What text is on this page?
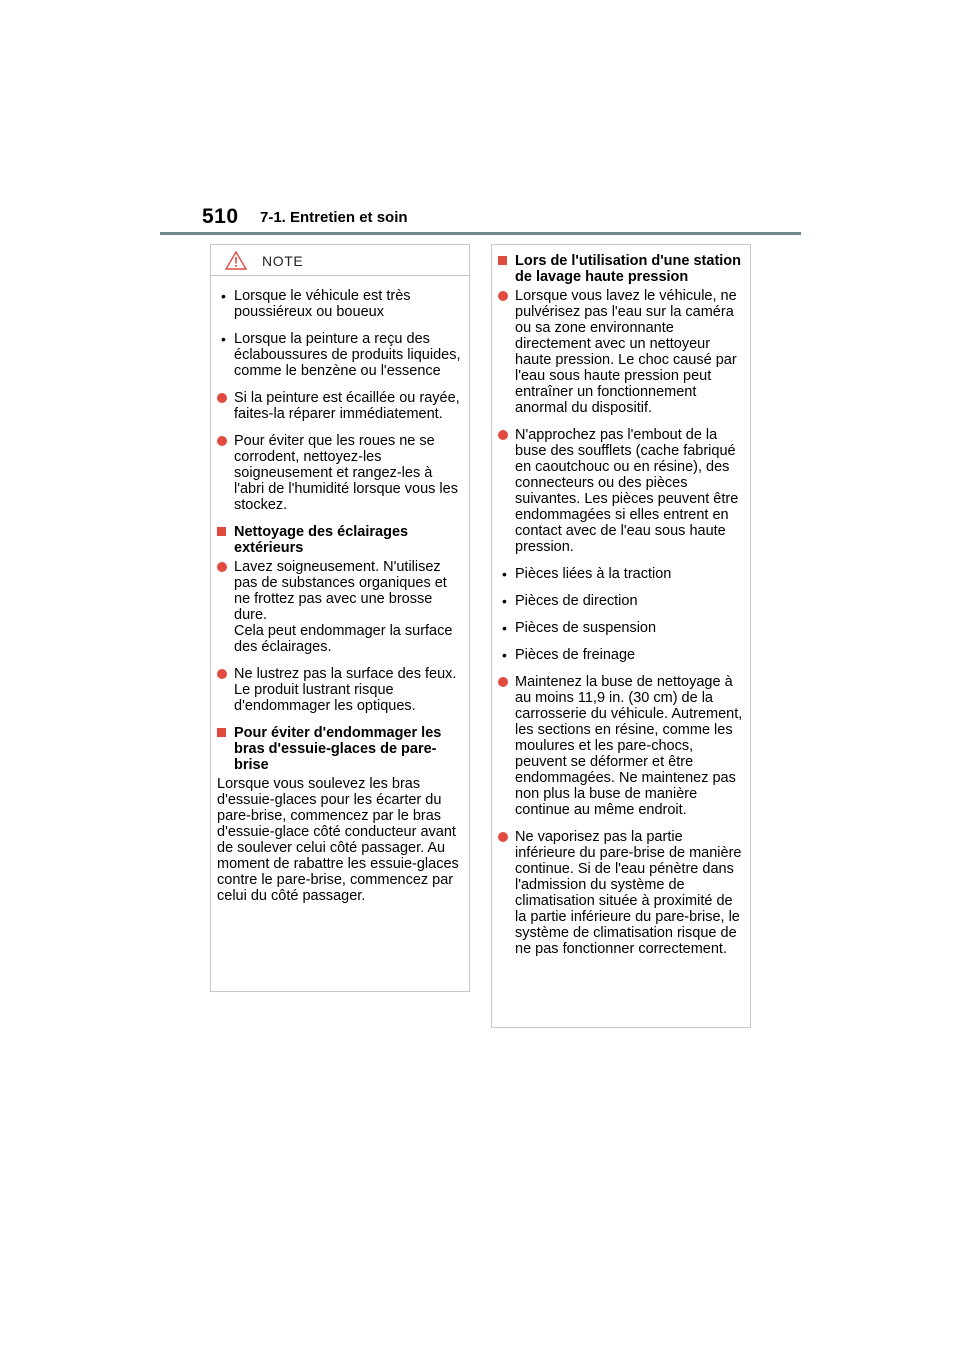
510 7-1. Entretien et soin
NOTE
• Lorsque le véhicule est très poussiéreux ou boueux
• Lorsque la peinture a reçu des éclaboussures de produits liquides, comme le benzène ou l'essence
Si la peinture est écaillée ou rayée, faites-la réparer immédiatement.
Pour éviter que les roues ne se corrodent, nettoyez-les soigneusement et rangez-les à l'abri de l'humidité lorsque vous les stockez.
Nettoyage des éclairages extérieurs
Lavez soigneusement. N'utilisez pas de substances organiques et ne frottez pas avec une brosse dure.
Cela peut endommager la surface des éclairages.
Ne lustrez pas la surface des feux.
Le produit lustrant risque d'endommager les optiques.
Pour éviter d'endommager les bras d'essuie-glaces de pare-brise
Lorsque vous soulevez les bras d'essuie-glaces pour les écarter du pare-brise, commencez par le bras d'essuie-glace côté conducteur avant de soulever celui côté passager. Au moment de rabattre les essuie-glaces contre le pare-brise, commencez par celui du côté passager.
Lors de l'utilisation d'une station de lavage haute pression
Lorsque vous lavez le véhicule, ne pulvérisez pas l'eau sur la caméra ou sa zone environnante directement avec un nettoyeur haute pression. Le choc causé par l'eau sous haute pression peut entraîner un fonctionnement anormal du dispositif.
N'approchez pas l'embout de la buse des soufflets (cache fabriqué en caoutchouc ou en résine), des connecteurs ou des pièces suivantes. Les pièces peuvent être endommagées si elles entrent en contact avec de l'eau sous haute pression.
• Pièces liées à la traction
• Pièces de direction
• Pièces de suspension
• Pièces de freinage
Maintenez la buse de nettoyage à au moins 11,9 in. (30 cm) de la carrosserie du véhicule. Autrement, les sections en résine, comme les moulures et les pare-chocs, peuvent se déformer et être endommagées. Ne maintenez pas non plus la buse de manière continue au même endroit.
Ne vaporisez pas la partie inférieure du pare-brise de manière continue. Si de l'eau pénètre dans l'admission du système de climatisation située à proximité de la partie inférieure du pare-brise, le système de climatisation risque de ne pas fonctionner correctement.
